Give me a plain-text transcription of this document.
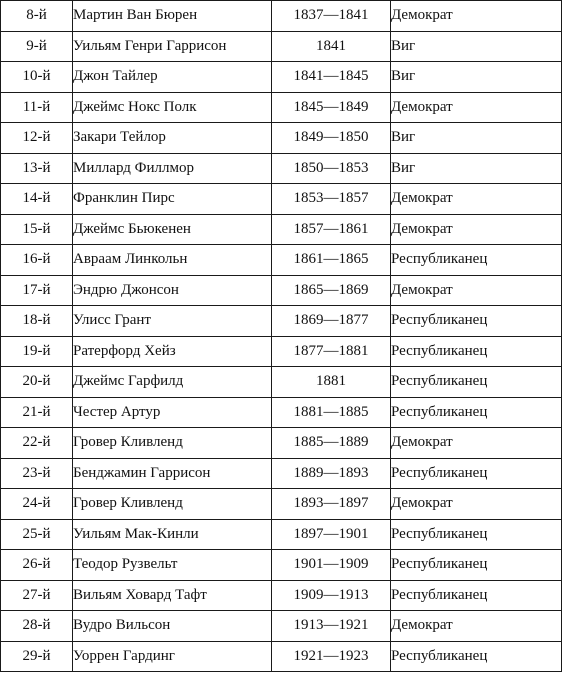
8-й	Мартин Ван Бюрен	1837—1841	Демократ
9-й	Уильям Генри Гаррисон	1841	Виг
10-й	Джон Тайлер	1841—1845	Виг
11-й	Джеймс Нокс Полк	1845—1849	Демократ
12-й	Закари Тейлор	1849—1850	Виг
13-й	Миллард Филлмор	1850—1853	Виг
14-й	Франклин Пирс	1853—1857	Демократ
15-й	Джеймс Бьюкенен	1857—1861	Демократ
16-й	Авраам Линкольн	1861—1865	Республиканец
17-й	Эндрю Джонсон	1865—1869	Демократ
18-й	Улисс Грант	1869—1877	Республиканец
19-й	Ратерфорд Хейз	1877—1881	Республиканец
20-й	Джеймс Гарфилд	1881	Республиканец
21-й	Честер Артур	1881—1885	Республиканец
22-й	Гровер Кливленд	1885—1889	Демократ
23-й	Бенджамин Гаррисон	1889—1893	Республиканец
24-й	Гровер Кливленд	1893—1897	Демократ
25-й	Уильям Мак-Кинли	1897—1901	Республиканец
26-й	Теодор Рузвельт	1901—1909	Республиканец
27-й	Вильям Ховард Тафт	1909—1913	Республиканец
28-й	Вудро Вильсон	1913—1921	Демократ
29-й	Уоррен Гардинг	1921—1923	Республиканец
